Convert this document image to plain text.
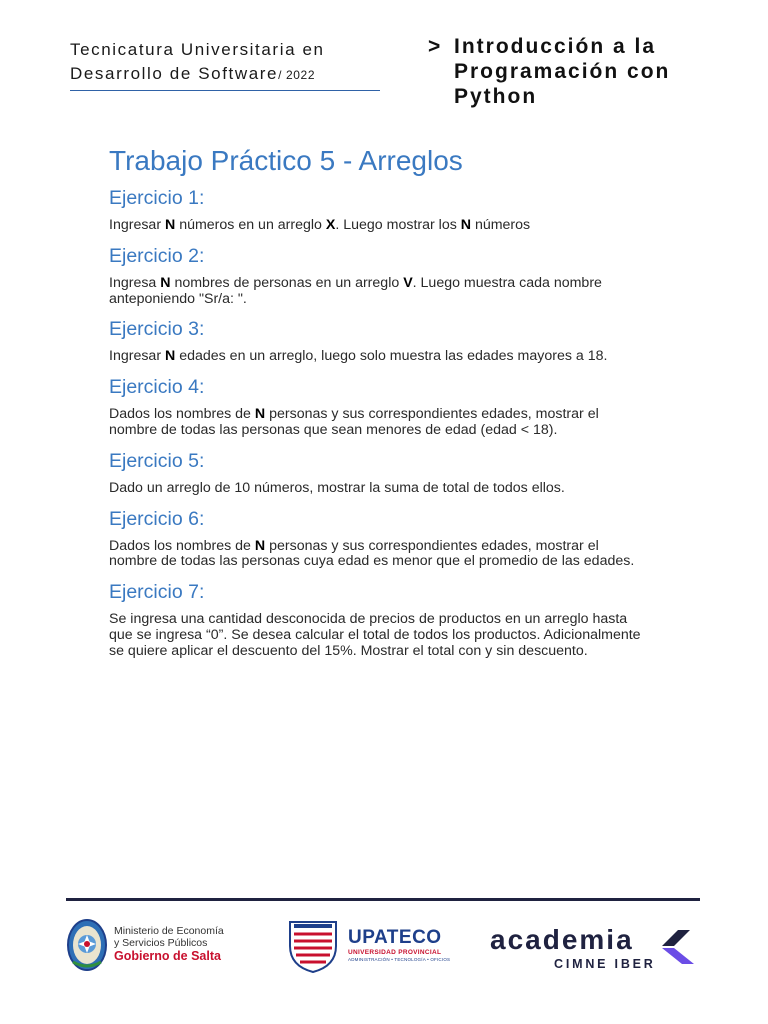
Tecnicatura Universitaria en
Desarrollo de Software/ 2022
> Introducción a la
Programación con
Python
Trabajo Práctico 5 - Arreglos
Ejercicio 1:

Ingresar N números en un arreglo X. Luego mostrar los N números

Ejercicio 2:

Ingresa N nombres de personas en un arreglo V. Luego muestra cada nombre anteponiendo "Sr/a: ".

Ejercicio 3:

Ingresar N edades en un arreglo, luego solo muestra las edades mayores a 18.

Ejercicio 4:

Dados los nombres de N personas y sus correspondientes edades, mostrar el nombre de todas las personas que sean menores de edad (edad < 18).

Ejercicio 5:

Dado un arreglo de 10 números, mostrar la suma de total de todos ellos.

Ejercicio 6:

Dados los nombres de N personas y sus correspondientes edades, mostrar el nombre de todas las personas cuya edad es menor que el promedio de las edades.

Ejercicio 7:

Se ingresa una cantidad desconocida de precios de productos en un arreglo hasta que se ingresa “0”. Se desea calcular el total de todos los productos. Adicionalmente se quiere aplicar el descuento del 15%. Mostrar el total con y sin descuento.

Ministerio de Economía
y Servicios Públicos
Gobierno de Salta
UPATECO
UNIVERSIDAD PROVINCIAL
ADMINISTRACIÓN • TECNOLOGÍA • OFICIOS
academia
CIMNE IBER
